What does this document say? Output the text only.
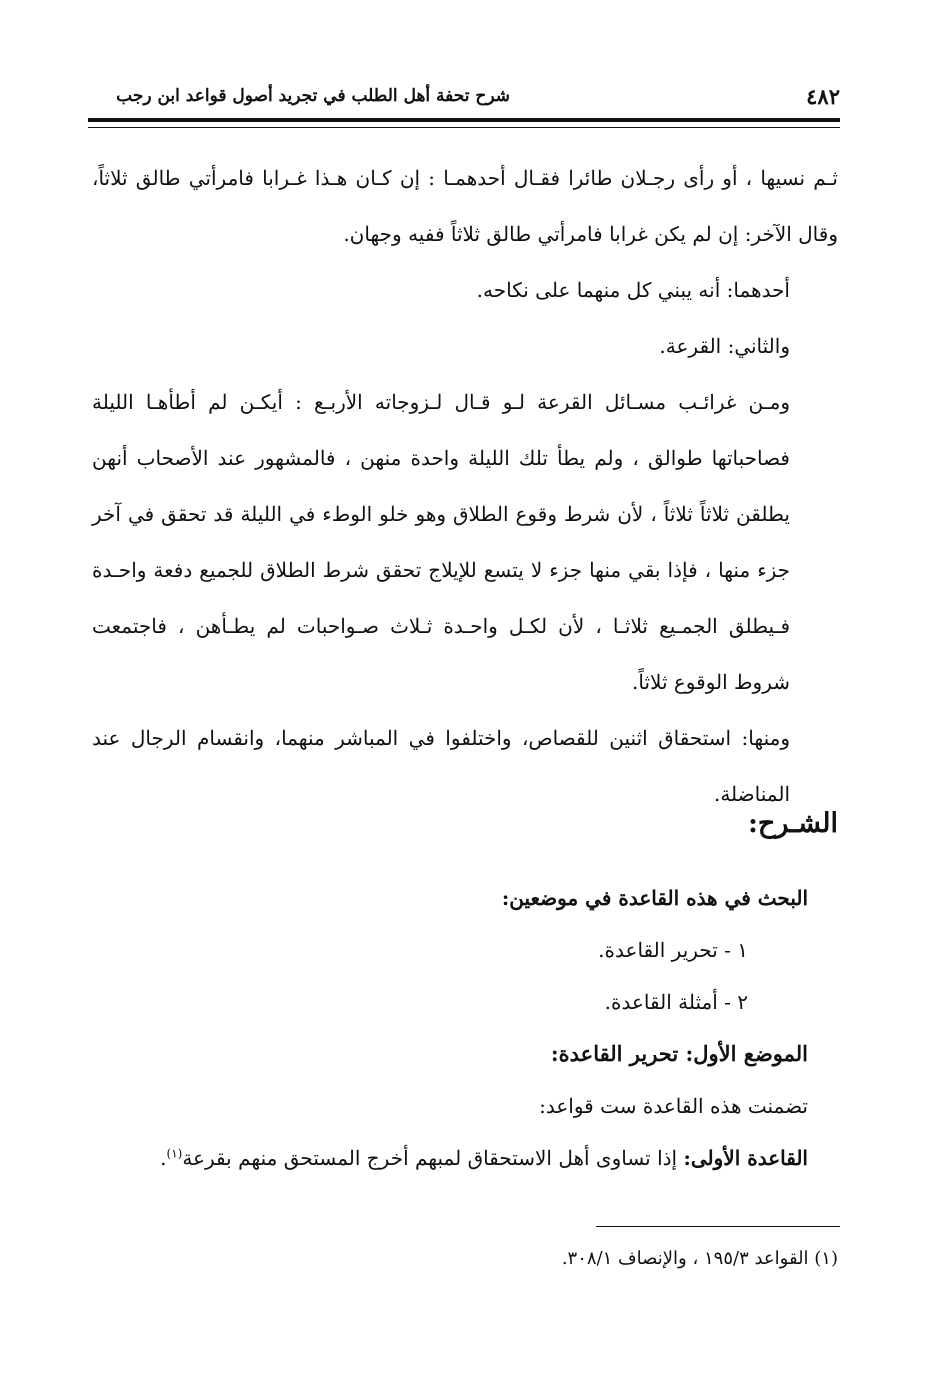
٤٨٢
شرح تحفة أهل الطلب في تجريد أصول قواعد ابن رجب

ثـم نسيها ، أو رأى رجـلان طائرا فقـال أحدهمـا : إن كـان هـذا غـرابا فامرأتي طالق ثلاثاً، وقال الآخر: إن لم يكن غرابا فامرأتي طالق ثلاثاً ففيه وجهان.

أحدهما: أنه يبني كل منهما على نكاحه.

والثاني: القرعة.

ومـن غرائـب مسـائل القرعة لـو قـال لـزوجاته الأربـع : أيكـن لم أطأهـا الليلة فصاحباتها طوالق ، ولم يطأ تلك الليلة واحدة منهن ، فالمشهور عند الأصحاب أنهن يطلقن ثلاثاً ثلاثاً ، لأن شرط وقوع الطلاق وهو خلو الوطء في الليلة قد تحقق في آخر جزء منها ، فإذا بقي منها جزء لا يتسع للإيلاج تحقق شرط الطلاق للجميع دفعة واحـدة فـيطلق الجمـيع ثلاثـا ، لأن لكـل واحـدة ثـلاث صـواحبات لم يطـأهن ، فاجتمعت شروط الوقوع ثلاثاً.

ومنها: استحقاق اثنين للقصاص، واختلفوا في المباشر منهما، وانقسام الرجال عند المناضلة.

الشـرح:

البحث في هذه القاعدة في موضعين:

١ - تحرير القاعدة.

٢ - أمثلة القاعدة.

الموضع الأول: تحرير القاعدة:

تضمنت هذه القاعدة ست قواعد:

القاعدة الأولى: إذا تساوى أهل الاستحقاق لمبهم أخرج المستحق منهم بقرعة$^{(١)}$.

(١) القواعد ١٩٥/٣ ، والإنصاف ٣٠٨/١.
